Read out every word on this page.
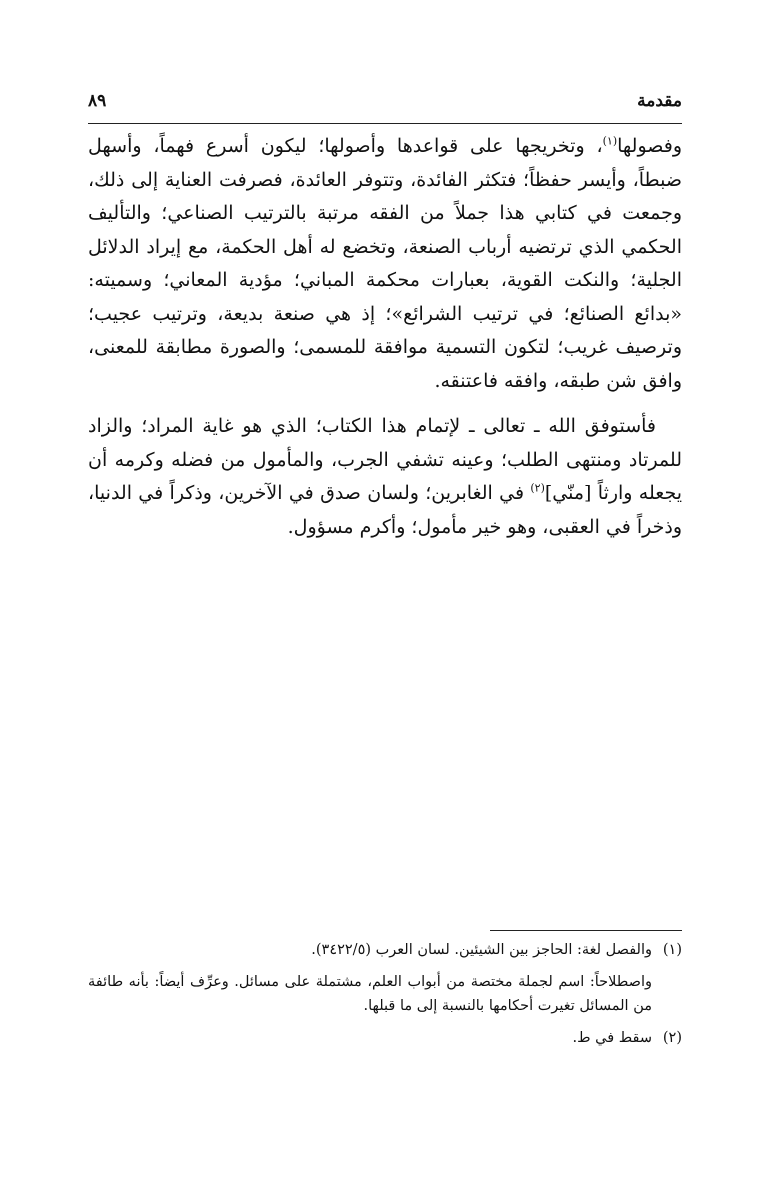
مقدمة
٨٩

وفصولها$^{(١)}$، وتخريجها على قواعدها وأصولها؛ ليكون أسرع فهماً، وأسهل ضبطاً، وأيسر حفظاً؛ فتكثر الفائدة، وتتوفر العائدة، فصرفت العناية إلى ذلك، وجمعت في كتابي هذا جملاً من الفقه مرتبة بالترتيب الصناعي؛ والتأليف الحكمي الذي ترتضيه أرباب الصنعة، وتخضع له أهل الحكمة، مع إيراد الدلائل الجلية؛ والنكت القوية، بعبارات محكمة المباني؛ مؤدية المعاني؛ وسميته: «بدائع الصنائع؛ في ترتيب الشرائع»؛ إذ هي صنعة بديعة، وترتيب عجيب؛ وترصيف غريب؛ لتكون التسمية موافقة للمسمى؛ والصورة مطابقة للمعنى، وافق شن طبقه، وافقه فاعتنقه.

فأستوفق الله ـ تعالى ـ لإتمام هذا الكتاب؛ الذي هو غاية المراد؛ والزاد للمرتاد ومنتهى الطلب؛ وعينه تشفي الجرب، والمأمول من فضله وكرمه أن يجعله وارثاً [منّي]$^{(٢)}$ في الغابرين؛ ولسان صدق في الآخرين، وذكراً في الدنيا، وذخراً في العقبى، وهو خير مأمول؛ وأكرم مسؤول.

(١)
والفصل لغة: الحاجز بين الشيئين. لسان العرب (٣٤٢٢/٥).
واصطلاحاً: اسم لجملة مختصة من أبواب العلم، مشتملة على مسائل. وعرِّف أيضاً: بأنه طائفة من المسائل تغيرت أحكامها بالنسبة إلى ما قبلها.
(٢)
سقط في ط.
